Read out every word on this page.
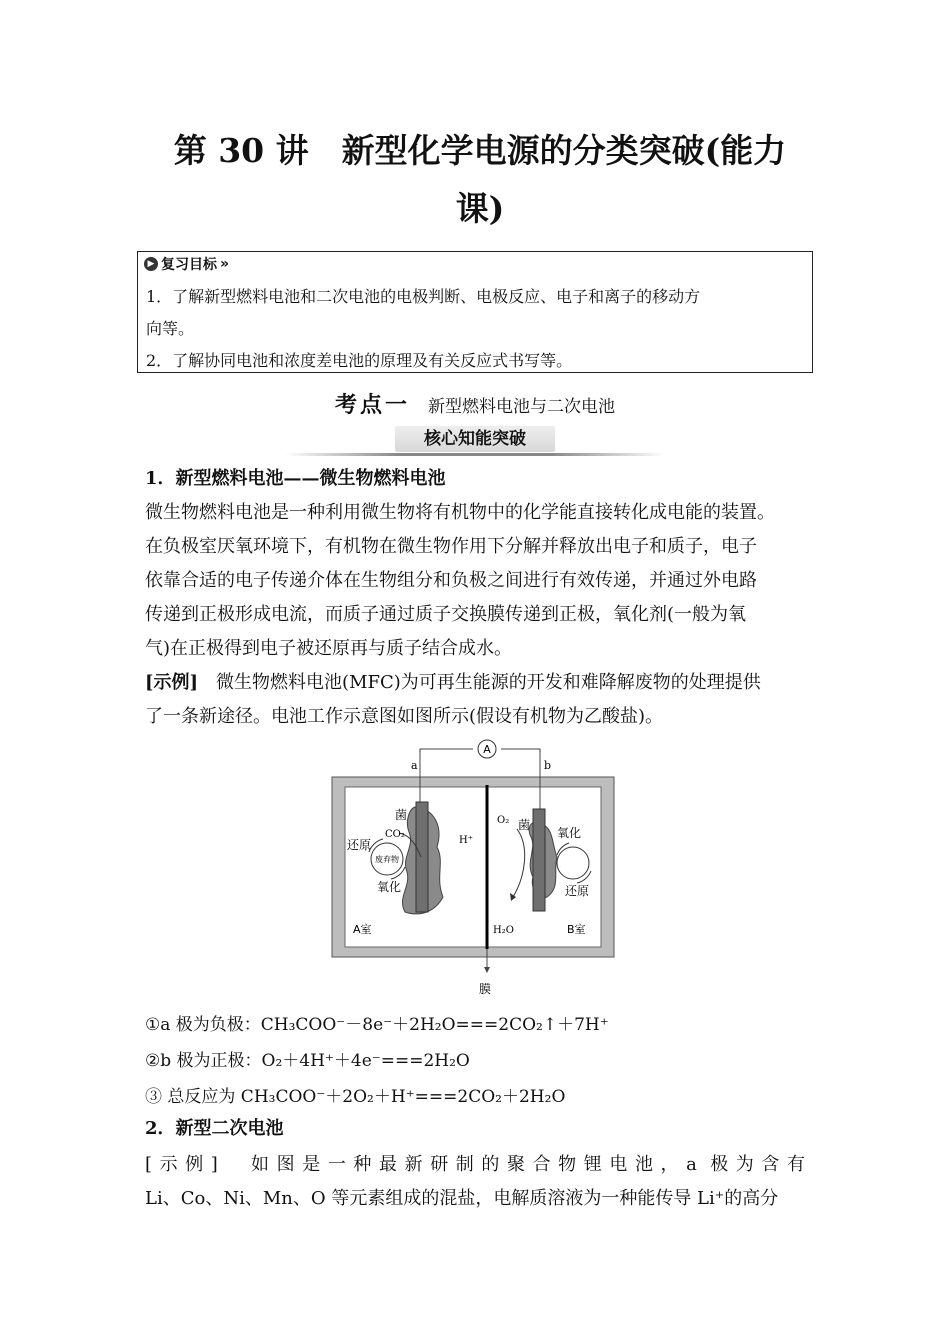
第 30 讲　新型化学电源的分类突破(能力
课)
▶ 复习目标 »
1．了解新型燃料电池和二次电池的电极判断、电极反应、电子和离子的移动方
向等。
2．了解协同电池和浓度差电池的原理及有关反应式书写等。
考点一 新型燃料电池与二次电池
核心知能突破
1．新型燃料电池——微生物燃料电池
微生物燃料电池是一种利用微生物将有机物中的化学能直接转化成电能的装置。
在负极室厌氧环境下，有机物在微生物作用下分解并释放出电子和质子，电子
依靠合适的电子传递介体在生物组分和负极之间进行有效传递，并通过外电路
传递到正极形成电流，而质子通过质子交换膜传递到正极，氧化剂(一般为氧
气)在正极得到电子被还原再与质子结合成水。
[示例]　 微生物燃料电池(MFC)为可再生能源的开发和难降解废物的处理提供
了一条新途径。电池工作示意图如图所示(假设有机物为乙酸盐)。
A
a	b
菌
CO₂
还原
废弃物
氧化
H⁺
O₂ 菌
氧化
还原
H₂O
A室	B室
膜
①a 极为负极：CH₃COO⁻－8e⁻＋2H₂O===2CO₂↑＋7H⁺
②b 极为正极：O₂＋4H⁺＋4e⁻===2H₂O
③ 总反应为 CH₃COO⁻＋2O₂＋H⁺===2CO₂＋2H₂O
2．新型二次电池
[示例]　如图是一种最新研制的聚合物锂电池，a 极为含有
Li、Co、Ni、Mn、O 等元素组成的混盐，电解质溶液为一种能传导 Li⁺的高分
